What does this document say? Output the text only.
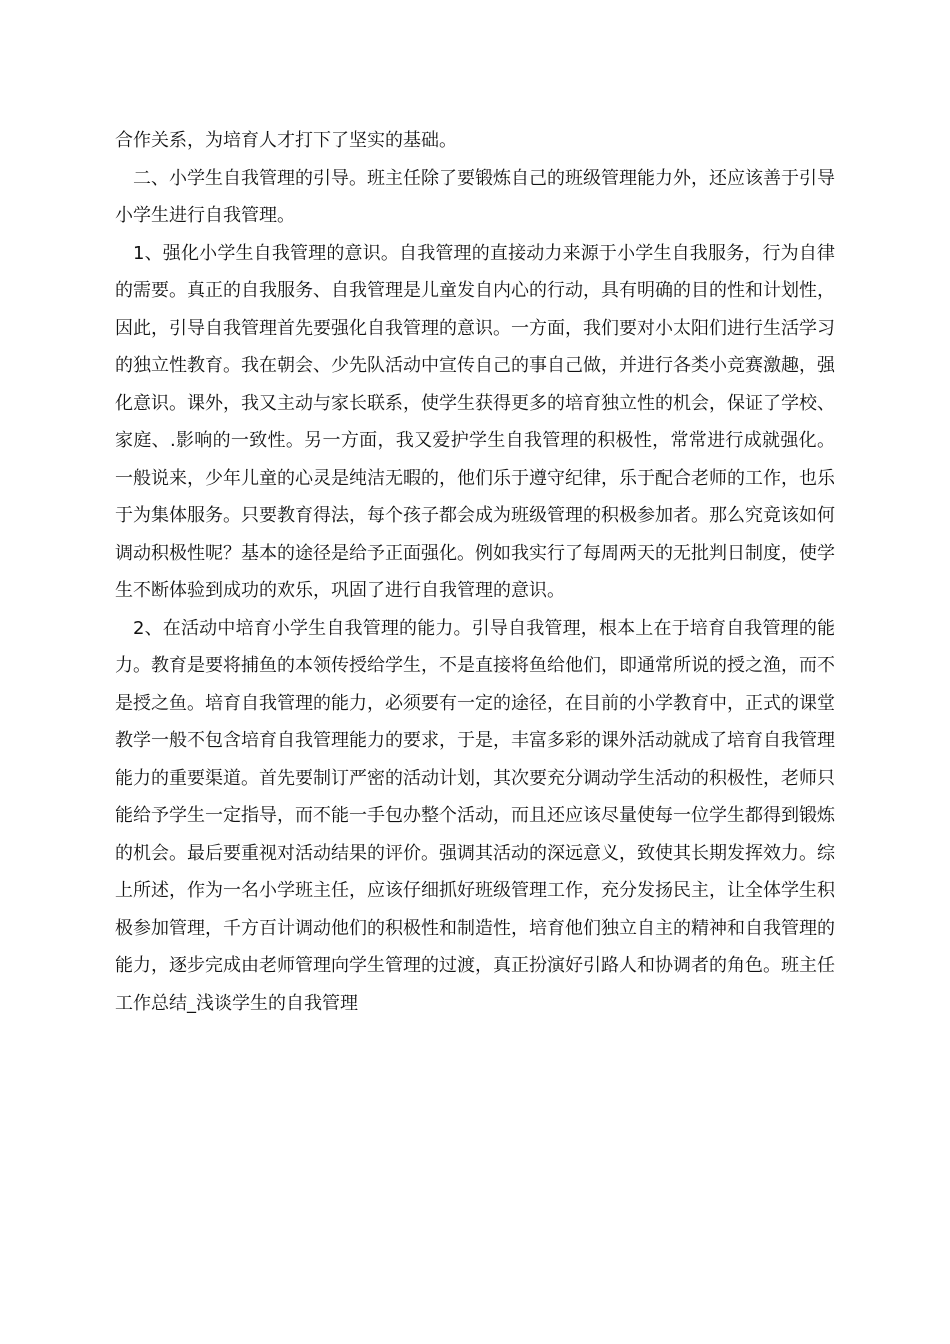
合作关系，为培育人才打下了坚实的基础。

二、小学生自我管理的引导。班主任除了要锻炼自己的班级管理能力外，还应该善于引导小学生进行自我管理。

1、强化小学生自我管理的意识。自我管理的直接动力来源于小学生自我服务，行为自律的需要。真正的自我服务、自我管理是儿童发自内心的行动，具有明确的目的性和计划性，因此，引导自我管理首先要强化自我管理的意识。一方面，我们要对小太阳们进行生活学习的独立性教育。我在朝会、少先队活动中宣传自己的事自己做，并进行各类小竞赛激趣，强化意识。课外，我又主动与家长联系，使学生获得更多的培育独立性的机会，保证了学校、家庭、.影响的一致性。另一方面，我又爱护学生自我管理的积极性，常常进行成就强化。一般说来，少年儿童的心灵是纯洁无暇的，他们乐于遵守纪律，乐于配合老师的工作，也乐于为集体服务。只要教育得法，每个孩子都会成为班级管理的积极参加者。那么究竟该如何调动积极性呢？基本的途径是给予正面强化。例如我实行了每周两天的无批判日制度，使学生不断体验到成功的欢乐，巩固了进行自我管理的意识。

2、在活动中培育小学生自我管理的能力。引导自我管理，根本上在于培育自我管理的能力。教育是要将捕鱼的本领传授给学生，不是直接将鱼给他们，即通常所说的授之渔，而不是授之鱼。培育自我管理的能力，必须要有一定的途径，在目前的小学教育中，正式的课堂教学一般不包含培育自我管理能力的要求，于是，丰富多彩的课外活动就成了培育自我管理能力的重要渠道。首先要制订严密的活动计划，其次要充分调动学生活动的积极性，老师只能给予学生一定指导，而不能一手包办整个活动，而且还应该尽量使每一位学生都得到锻炼的机会。最后要重视对活动结果的评价。强调其活动的深远意义，致使其长期发挥效力。综上所述，作为一名小学班主任，应该仔细抓好班级管理工作，充分发扬民主，让全体学生积极参加管理，千方百计调动他们的积极性和制造性，培育他们独立自主的精神和自我管理的能力，逐步完成由老师管理向学生管理的过渡，真正扮演好引路人和协调者的角色。班主任工作总结_浅谈学生的自我管理
